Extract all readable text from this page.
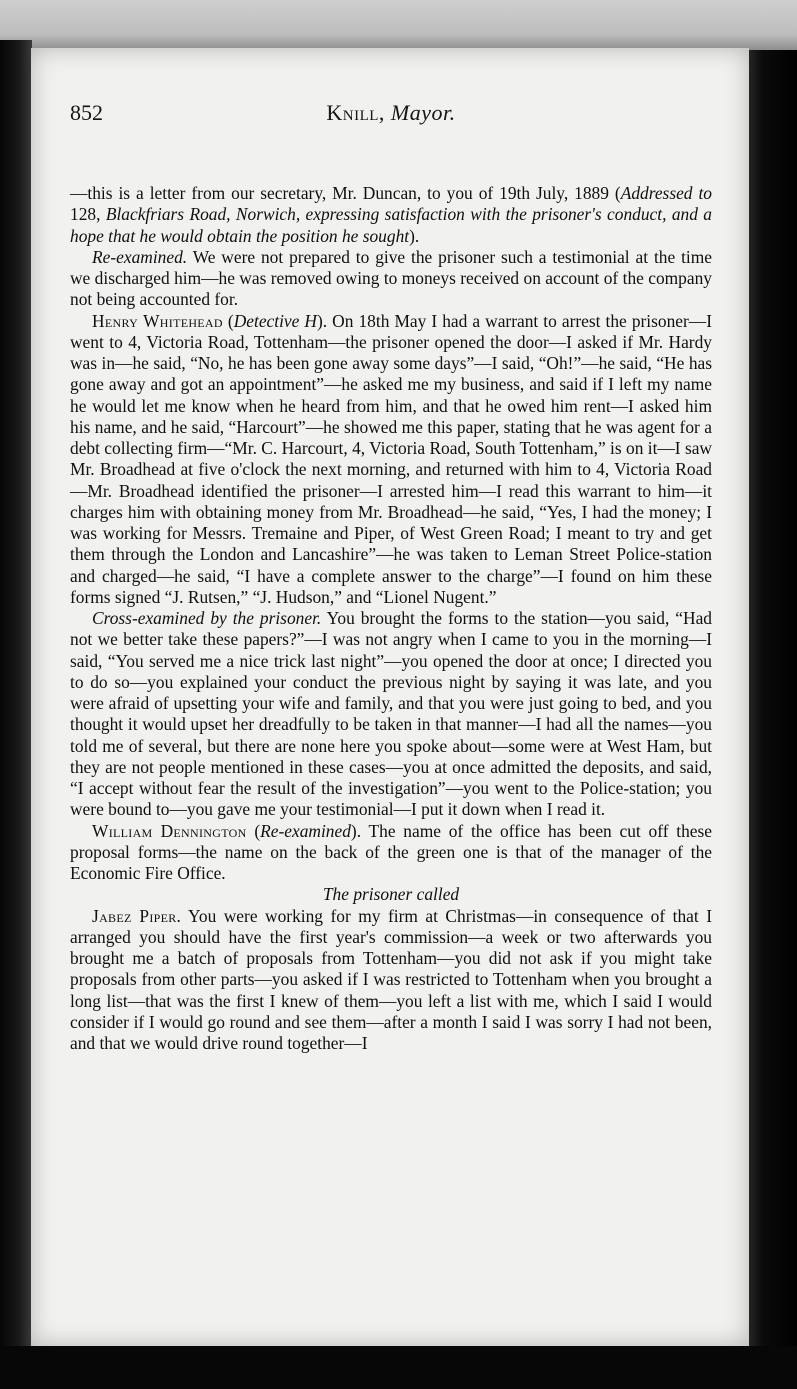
852	Knill, Mayor.

—this is a letter from our secretary, Mr. Duncan, to you of 19th July, 1889 (Addressed to 128, Blackfriars Road, Norwich, expressing satisfaction with the prisoner's conduct, and a hope that he would obtain the position he sought).

Re-examined. We were not prepared to give the prisoner such a testimonial at the time we discharged him—he was removed owing to moneys received on account of the company not being accounted for.

Henry Whitehead (Detective H). On 18th May I had a warrant to arrest the prisoner—I went to 4, Victoria Road, Tottenham—the prisoner opened the door—I asked if Mr. Hardy was in—he said, “No, he has been gone away some days”—I said, “Oh!”—he said, “He has gone away and got an appointment”—he asked me my business, and said if I left my name he would let me know when he heard from him, and that he owed him rent—I asked him his name, and he said, “Harcourt”—he showed me this paper, stating that he was agent for a debt collecting firm—“Mr. C. Harcourt, 4, Victoria Road, South Tottenham,” is on it—I saw Mr. Broadhead at five o'clock the next morning, and returned with him to 4, Victoria Road—Mr. Broadhead identified the prisoner—I arrested him—I read this warrant to him—it charges him with obtaining money from Mr. Broadhead—he said, “Yes, I had the money; I was working for Messrs. Tremaine and Piper, of West Green Road; I meant to try and get them through the London and Lancashire”—he was taken to Leman Street Police-station and charged—he said, “I have a complete answer to the charge”—I found on him these forms signed “J. Rutsen,” “J. Hudson,” and “Lionel Nugent.”

Cross-examined by the prisoner. You brought the forms to the station—you said, “Had not we better take these papers?”—I was not angry when I came to you in the morning—I said, “You served me a nice trick last night”—you opened the door at once; I directed you to do so—you explained your conduct the previous night by saying it was late, and you were afraid of upsetting your wife and family, and that you were just going to bed, and you thought it would upset her dreadfully to be taken in that manner—I had all the names—you told me of several, but there are none here you spoke about—some were at West Ham, but they are not people mentioned in these cases—you at once admitted the deposits, and said, “I accept without fear the result of the investigation”—you went to the Police-station; you were bound to—you gave me your testimonial—I put it down when I read it.

William Dennington (Re-examined). The name of the office has been cut off these proposal forms—the name on the back of the green one is that of the manager of the Economic Fire Office.

The prisoner called

Jabez Piper. You were working for my firm at Christmas—in consequence of that I arranged you should have the first year's commission—a week or two afterwards you brought me a batch of proposals from Tottenham—you did not ask if you might take proposals from other parts—you asked if I was restricted to Tottenham when you brought a long list—that was the first I knew of them—you left a list with me, which I said I would consider if I would go round and see them—after a month I said I was sorry I had not been, and that we would drive round together—I
